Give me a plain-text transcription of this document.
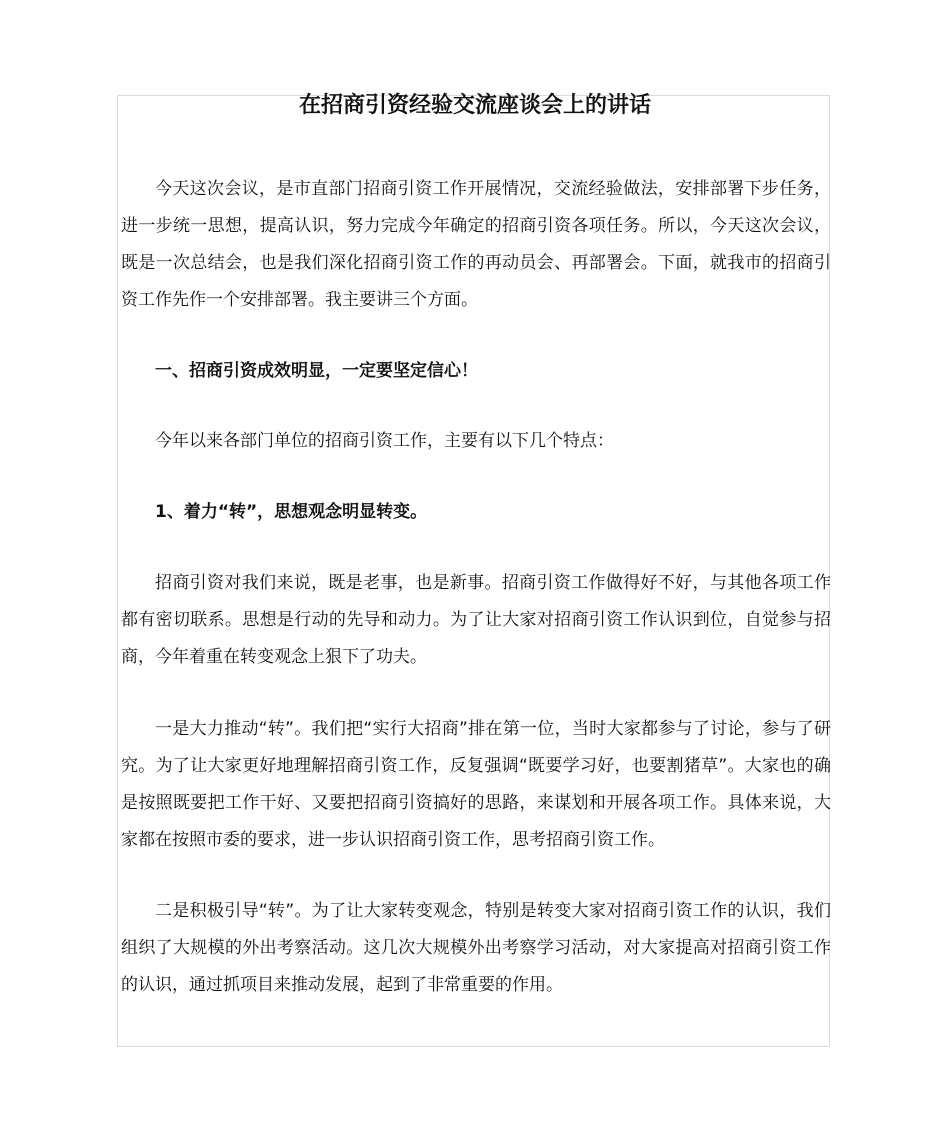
在招商引资经验交流座谈会上的讲话

今天这次会议，是市直部门招商引资工作开展情况，交流经验做法，安排部署下步任务，进一步统一思想，提高认识，努力完成今年确定的招商引资各项任务。所以，今天这次会议，既是一次总结会，也是我们深化招商引资工作的再动员会、再部署会。下面，就我市的招商引资工作先作一个安排部署。我主要讲三个方面。

一、招商引资成效明显，一定要坚定信心！

今年以来各部门单位的招商引资工作，主要有以下几个特点：

1、着力“转”，思想观念明显转变。

招商引资对我们来说，既是老事，也是新事。招商引资工作做得好不好，与其他各项工作都有密切联系。思想是行动的先导和动力。为了让大家对招商引资工作认识到位，自觉参与招商，今年着重在转变观念上狠下了功夫。

一是大力推动“转”。我们把“实行大招商”排在第一位，当时大家都参与了讨论，参与了研究。为了让大家更好地理解招商引资工作，反复强调“既要学习好，也要割猪草”。大家也的确是按照既要把工作干好、又要把招商引资搞好的思路，来谋划和开展各项工作。具体来说，大家都在按照市委的要求，进一步认识招商引资工作，思考招商引资工作。

二是积极引导“转”。为了让大家转变观念，特别是转变大家对招商引资工作的认识，我们组织了大规模的外出考察活动。这几次大规模外出考察学习活动，对大家提高对招商引资工作的认识，通过抓项目来推动发展，起到了非常重要的作用。
